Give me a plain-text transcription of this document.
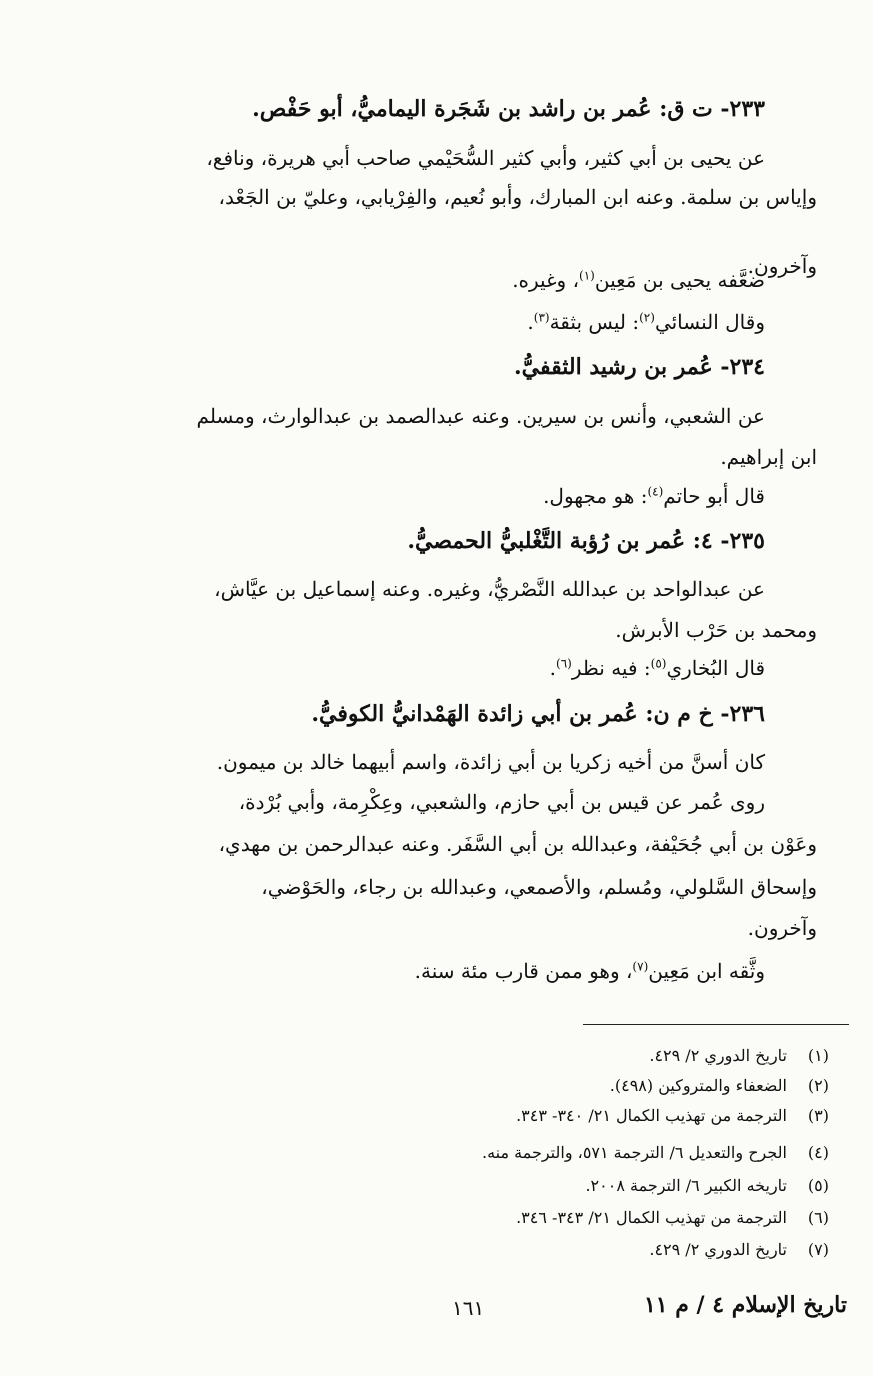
٢٣٣- ت ق: عُمر بن راشد بن شَجَرة اليماميُّ، أبو حَفْص.
عن يحيى بن أبي كثير، وأبي كثير السُّحَيْمي صاحب أبي هريرة، ونافع،
وإياس بن سلمة. وعنه ابن المبارك، وأبو نُعيم، والفِرْيابي، وعليّ بن الجَعْد،
وآخرون.
ضعَّفه يحيى بن مَعِين$^{(١)}$، وغيره.
وقال النسائي$^{(٢)}$: ليس بثقة$^{(٣)}$.
٢٣٤- عُمر بن رشيد الثقفيُّ.
عن الشعبي، وأنس بن سيرين. وعنه عبدالصمد بن عبدالوارث، ومسلم
ابن إبراهيم.
قال أبو حاتم$^{(٤)}$: هو مجهول.
٢٣٥- ٤: عُمر بن رُؤبة التَّغْلبيُّ الحمصيُّ.
عن عبدالواحد بن عبدالله النَّصْريُّ، وغيره. وعنه إسماعيل بن عيَّاش،
ومحمد بن حَرْب الأبرش.
قال البُخاري$^{(٥)}$: فيه نظر$^{(٦)}$.
٢٣٦- خ م ن: عُمر بن أبي زائدة الهَمْدانيُّ الكوفيُّ.
كان أسنَّ من أخيه زكريا بن أبي زائدة، واسم أبيهما خالد بن ميمون.
روى عُمر عن قيس بن أبي حازم، والشعبي، وعِكْرِمة، وأبي بُرْدة،
وعَوْن بن أبي جُحَيْفة، وعبدالله بن أبي السَّفَر. وعنه عبدالرحمن بن مهدي،
وإسحاق السَّلولي، ومُسلم، والأصمعي، وعبدالله بن رجاء، والحَوْضي،
وآخرون.
وثَّقه ابن مَعِين$^{(٧)}$، وهو ممن قارب مئة سنة.
(١)تاريخ الدوري ٢/ ٤٢٩.
(٢)الضعفاء والمتروكين (٤٩٨).
(٣)الترجمة من تهذيب الكمال ٢١/ ٣٤٠- ٣٤٣.
(٤)الجرح والتعديل ٦/ الترجمة ٥٧١، والترجمة منه.
(٥)تاريخه الكبير ٦/ الترجمة ٢٠٠٨.
(٦)الترجمة من تهذيب الكمال ٢١/ ٣٤٣- ٣٤٦.
(٧)تاريخ الدوري ٢/ ٤٢٩.
تاريخ الإسلام ٤ / م ١١
١٦١
